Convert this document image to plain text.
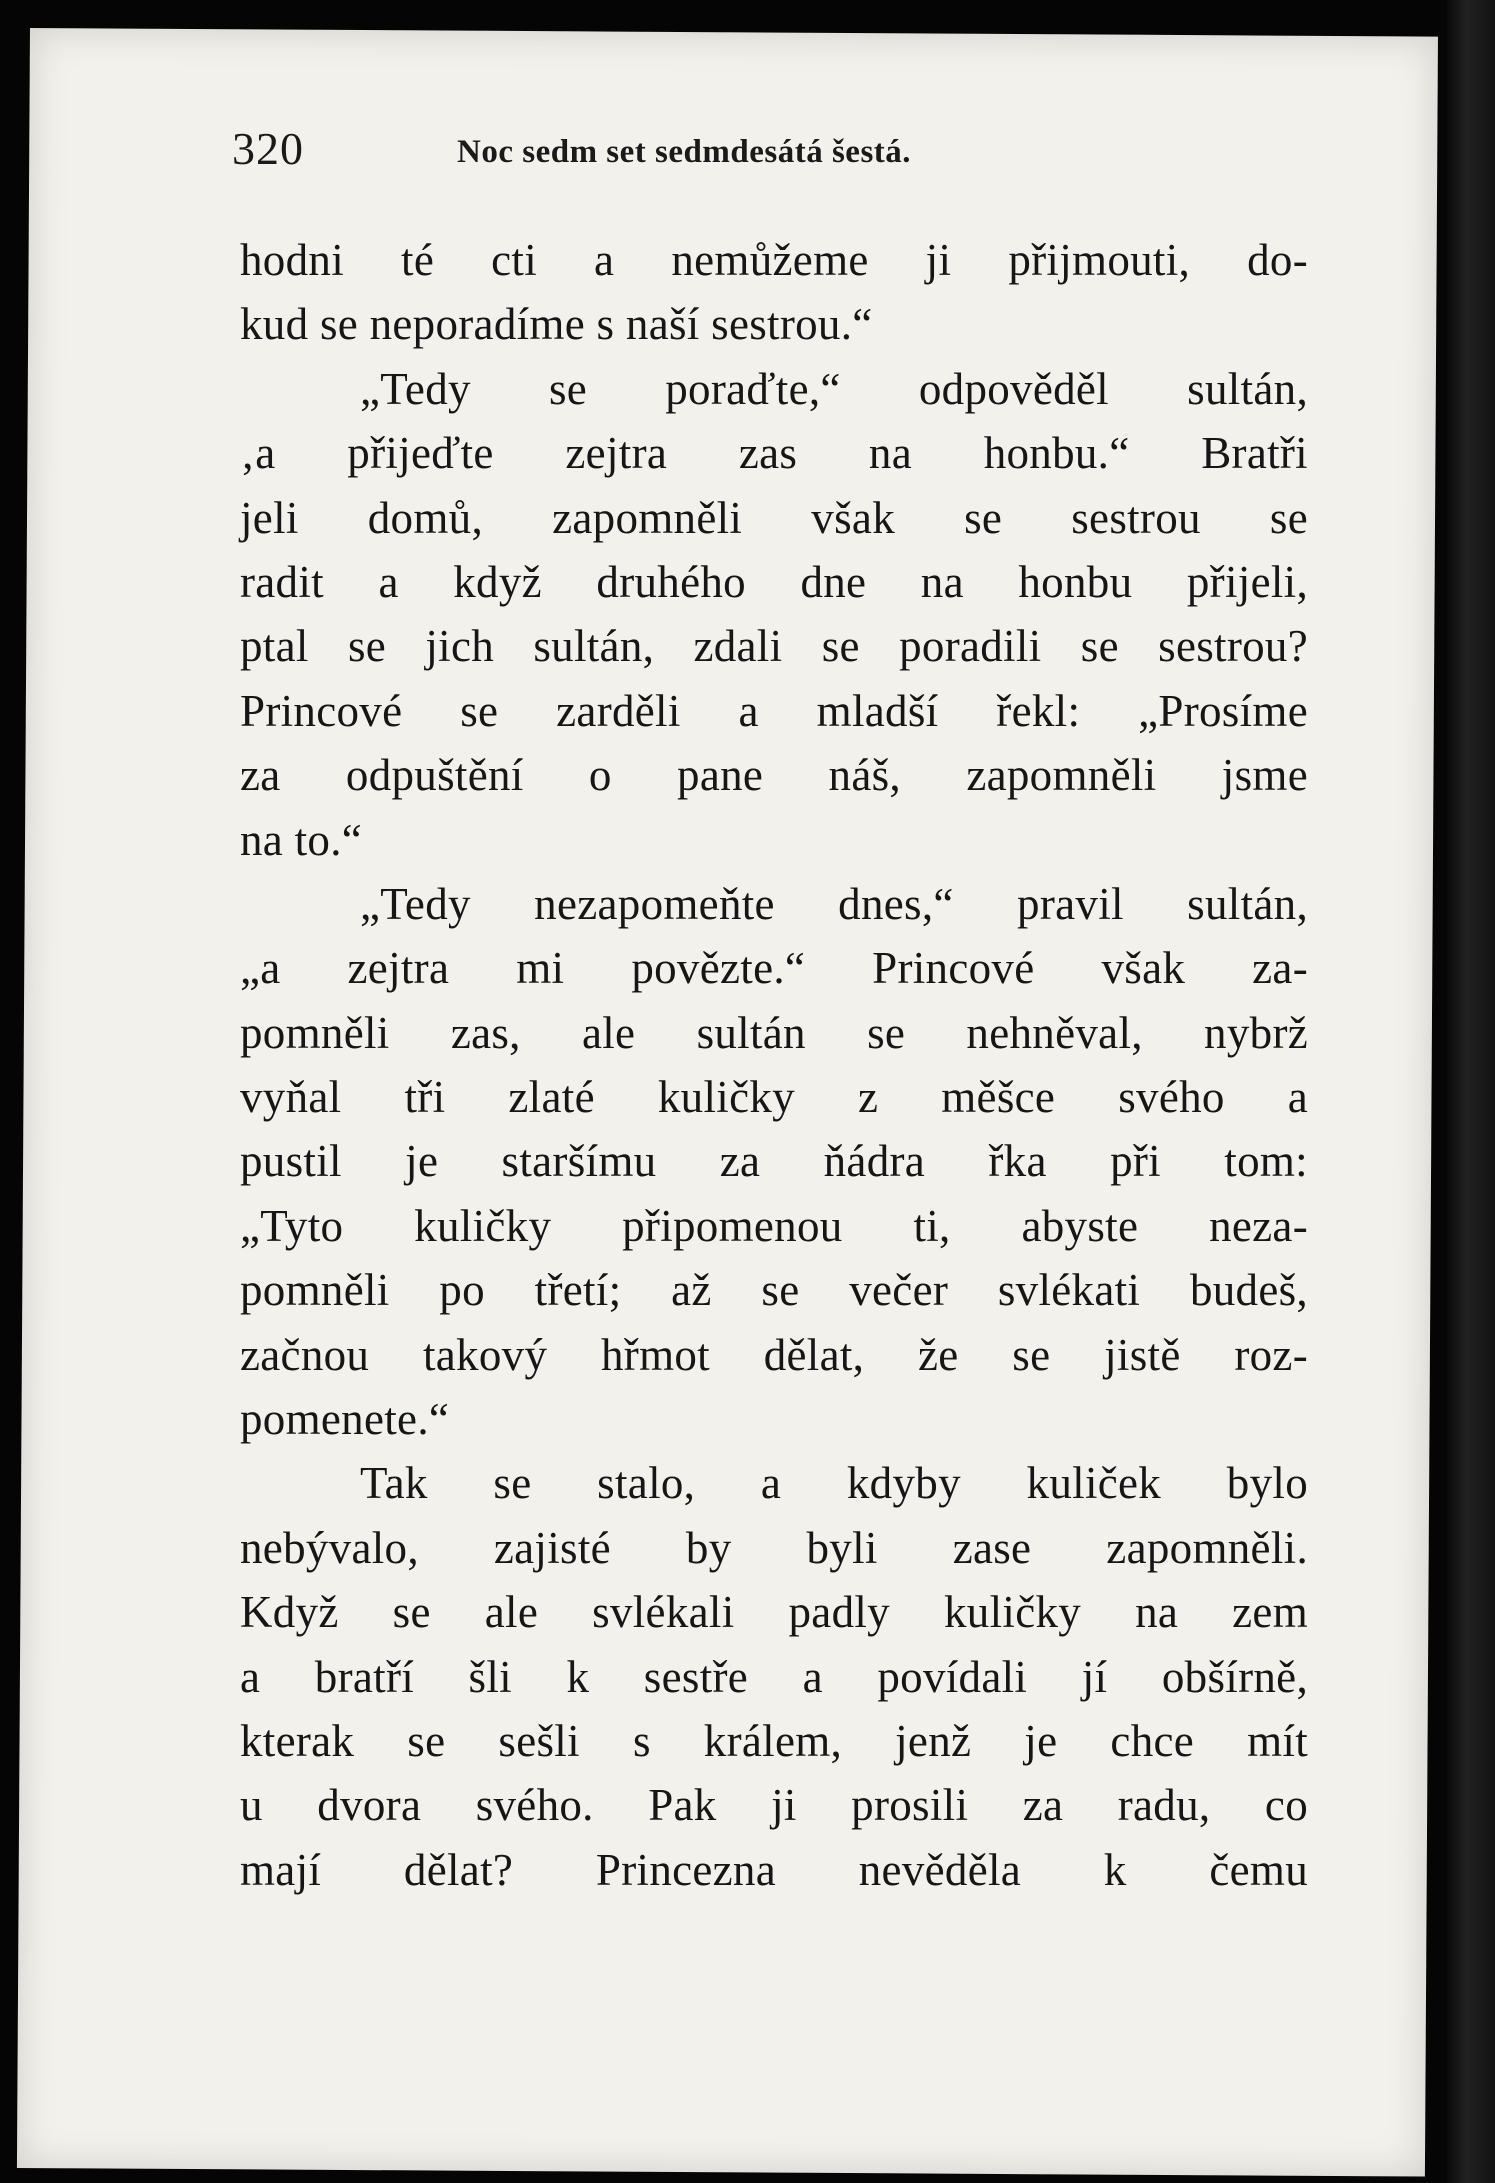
320	Noc sedm set sedmdesátá šestá.
hodni té cti a nemůžeme ji přijmouti, do-
kud se neporadíme s naší sestrou.“
„Tedy se poraďte,“ odpověděl sultán,
‚a přijeďte zejtra zas na honbu.“ Bratři
jeli domů, zapomněli však se sestrou se
radit a když druhého dne na honbu přijeli,
ptal se jich sultán, zdali se poradili se sestrou?
Princové se zarděli a mladší řekl: „Prosíme
za odpuštění o pane náš, zapomněli jsme
na to.“
„Tedy nezapomeňte dnes,“ pravil sultán,
„a zejtra mi povězte.“ Princové však za-
pomněli zas, ale sultán se nehněval, nybrž
vyňal tři zlaté kuličky z měšce svého a
pustil je staršímu za ňádra řka při tom:
„Tyto kuličky připomenou ti, abyste neza-
pomněli po třetí; až se večer svlékati budeš,
začnou takový hřmot dělat, že se jistě roz-
pomenete.“
Tak se stalo, a kdyby kuliček bylo
nebývalo, zajisté by byli zase zapomněli.
Když se ale svlékali padly kuličky na zem
a bratří šli k sestře a povídali jí obšírně,
kterak se sešli s králem, jenž je chce mít
u dvora svého. Pak ji prosili za radu, co
mají dělat? Princezna nevěděla k čemu
